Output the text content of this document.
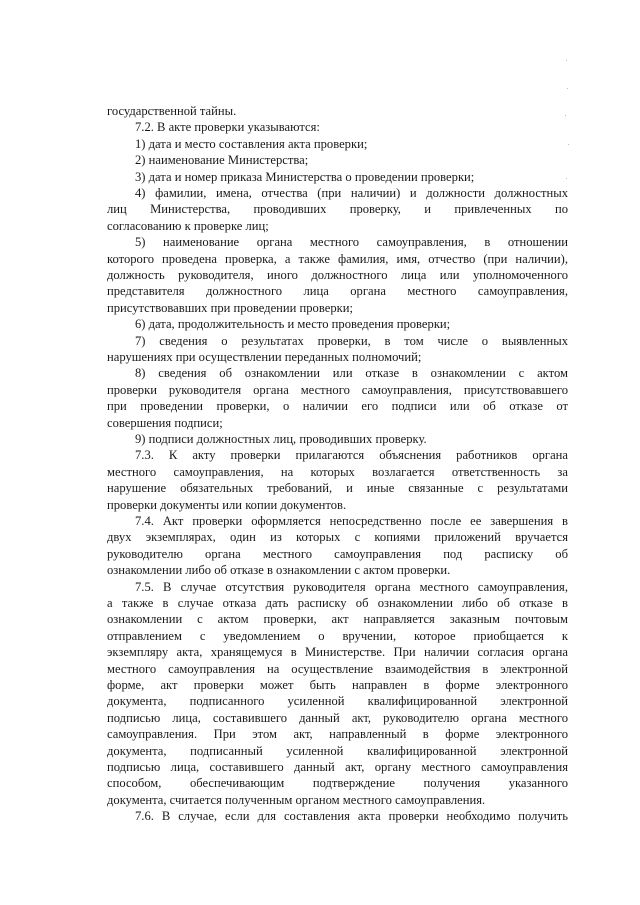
государственной тайны.
7.2. В акте проверки указываются:
1) дата и место составления акта проверки;
2) наименование Министерства;
3) дата и номер приказа Министерства о проведении проверки;
4) фамилии, имена, отчества (при наличии) и должности должностных
лиц Министерства, проводивших проверку, и привлеченных по
согласованию к проверке лиц;
5) наименование органа местного самоуправления, в отношении
которого проведена проверка, а также фамилия, имя, отчество (при наличии),
должность руководителя, иного должностного лица или уполномоченного
представителя должностного лица органа местного самоуправления,
присутствовавших при проведении проверки;
6) дата, продолжительность и место проведения проверки;
7) сведения о результатах проверки, в том числе о выявленных
нарушениях при осуществлении переданных полномочий;
8) сведения об ознакомлении или отказе в ознакомлении с актом
проверки руководителя органа местного самоуправления, присутствовавшего
при проведении проверки, о наличии его подписи или об отказе от
совершения подписи;
9) подписи должностных лиц, проводивших проверку.
7.3. К акту проверки прилагаются объяснения работников органа
местного самоуправления, на которых возлагается ответственность за
нарушение обязательных требований, и иные связанные с результатами
проверки документы или копии документов.
7.4. Акт проверки оформляется непосредственно после ее завершения в
двух экземплярах, один из которых с копиями приложений вручается
руководителю органа местного самоуправления под расписку об
ознакомлении либо об отказе в ознакомлении с актом проверки.
7.5. В случае отсутствия руководителя органа местного самоуправления,
а также в случае отказа дать расписку об ознакомлении либо об отказе в
ознакомлении с актом проверки, акт направляется заказным почтовым
отправлением с уведомлением о вручении, которое приобщается к
экземпляру акта, хранящемуся в Министерстве. При наличии согласия органа
местного самоуправления на осуществление взаимодействия в электронной
форме, акт проверки может быть направлен в форме электронного
документа, подписанного усиленной квалифицированной электронной
подписью лица, составившего данный акт, руководителю органа местного
самоуправления. При этом акт, направленный в форме электронного
документа, подписанный усиленной квалифицированной электронной
подписью лица, составившего данный акт, органу местного самоуправления
способом, обеспечивающим подтверждение получения указанного
документа, считается полученным органом местного самоуправления.
7.6. В случае, если для составления акта проверки необходимо получить
